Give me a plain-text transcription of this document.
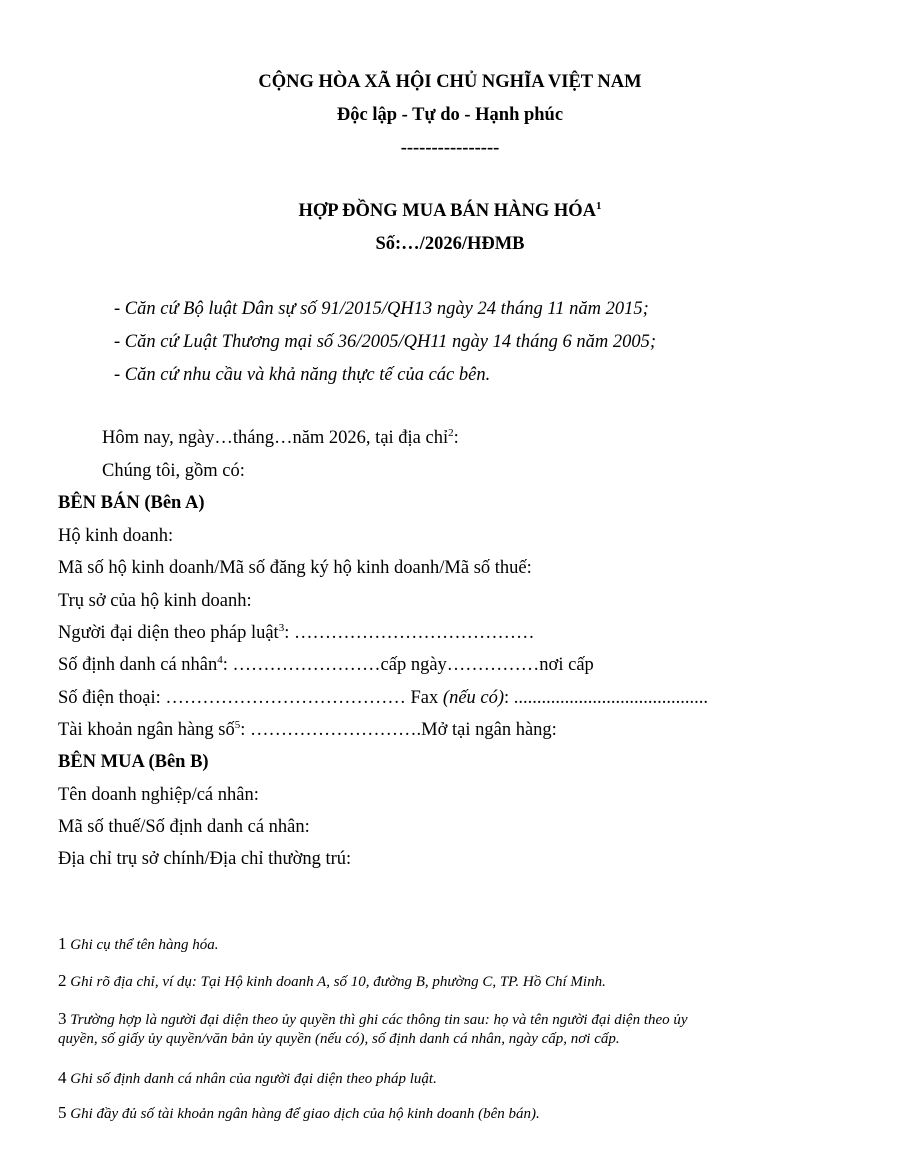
CỘNG HÒA XÃ HỘI CHỦ NGHĨA VIỆT NAM
Độc lập - Tự do - Hạnh phúc
----------------
HỢP ĐỒNG MUA BÁN HÀNG HÓA$^1$
Số:…/2026/HĐMB
- Căn cứ Bộ luật Dân sự số 91/2015/QH13 ngày 24 tháng 11 năm 2015;
- Căn cứ Luật Thương mại số 36/2005/QH11 ngày 14 tháng 6 năm 2005;
- Căn cứ nhu cầu và khả năng thực tế của các bên.
Hôm nay, ngày…tháng…năm 2026, tại địa chỉ$^2$:
Chúng tôi, gồm có:
BÊN BÁN (Bên A)
Hộ kinh doanh:
Mã số hộ kinh doanh/Mã số đăng ký hộ kinh doanh/Mã số thuế:
Trụ sở của hộ kinh doanh:
Người đại diện theo pháp luật$^3$: …………………………………
Số định danh cá nhân$^4$: ……………………cấp ngày……………nơi cấp
Số điện thoại: ………………………………… Fax (nếu có): ..........................................
Tài khoản ngân hàng số$^5$: ……………………….Mở tại ngân hàng:
BÊN MUA (Bên B)
Tên doanh nghiệp/cá nhân:
Mã số thuế/Số định danh cá nhân:
Địa chỉ trụ sở chính/Địa chỉ thường trú:
1 Ghi cụ thể tên hàng hóa.
2 Ghi rõ địa chỉ, ví dụ: Tại Hộ kinh doanh A, số 10, đường B, phường C, TP. Hồ Chí Minh.
3 Trường hợp là người đại diện theo ủy quyền thì ghi các thông tin sau: họ và tên người đại diện theo ủy
quyền, số giấy ủy quyền/văn bản ủy quyền (nếu có), số định danh cá nhân, ngày cấp, nơi cấp.
4 Ghi số định danh cá nhân của người đại diện theo pháp luật.
5 Ghi đầy đủ số tài khoản ngân hàng để giao dịch của hộ kinh doanh (bên bán).
